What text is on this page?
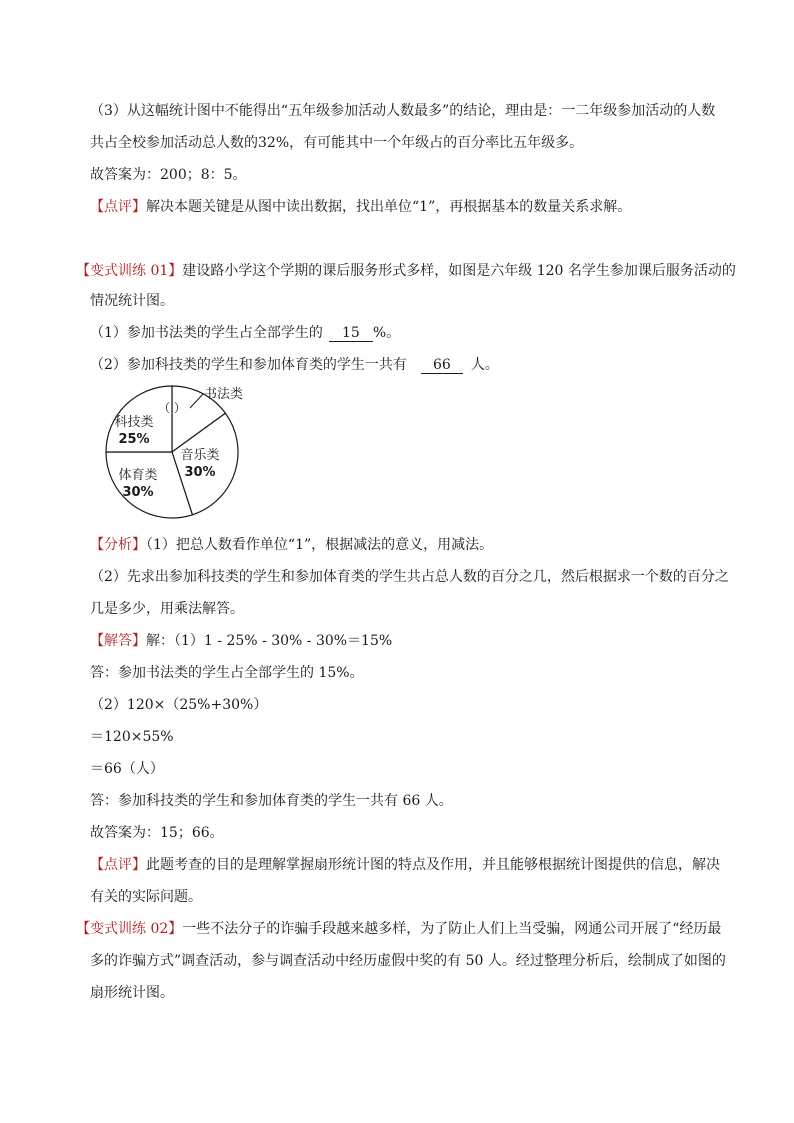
（3）从这幅统计图中不能得出“五年级参加活动人数最多”的结论，理由是：一二年级参加活动的人数
共占全校参加活动总人数的32%，有可能其中一个年级占的百分率比五年级多。
故答案为：200；8：5。
【点评】解决本题关键是从图中读出数据，找出单位“1”，再根据基本的数量关系求解。
【变式训练 01】建设路小学这个学期的课后服务形式多样，如图是六年级 120 名学生参加课后服务活动的
情况统计图。
（1）参加书法类的学生占全部学生的 15 %。
（2）参加科技类的学生和参加体育类的学生一共有 66 人。
书法类
（ ）
音乐类
30%
体育类
30%
科技类
25%
【分析】（1）把总人数看作单位“1”，根据减法的意义，用减法。
（2）先求出参加科技类的学生和参加体育类的学生共占总人数的百分之几，然后根据求一个数的百分之
几是多少，用乘法解答。
【解答】解：（1）1 - 25% - 30% - 30%＝15%
答：参加书法类的学生占全部学生的 15%。
（2）120×（25%+30%）
＝120×55%
＝66（人）
答：参加科技类的学生和参加体育类的学生一共有 66 人。
故答案为：15；66。
【点评】此题考查的目的是理解掌握扇形统计图的特点及作用，并且能够根据统计图提供的信息，解决
有关的实际问题。
【变式训练 02】一些不法分子的诈骗手段越来越多样，为了防止人们上当受骗，网通公司开展了“经历最
多的诈骗方式”调查活动，参与调查活动中经历虚假中奖的有 50 人。经过整理分析后，绘制成了如图的
扇形统计图。
